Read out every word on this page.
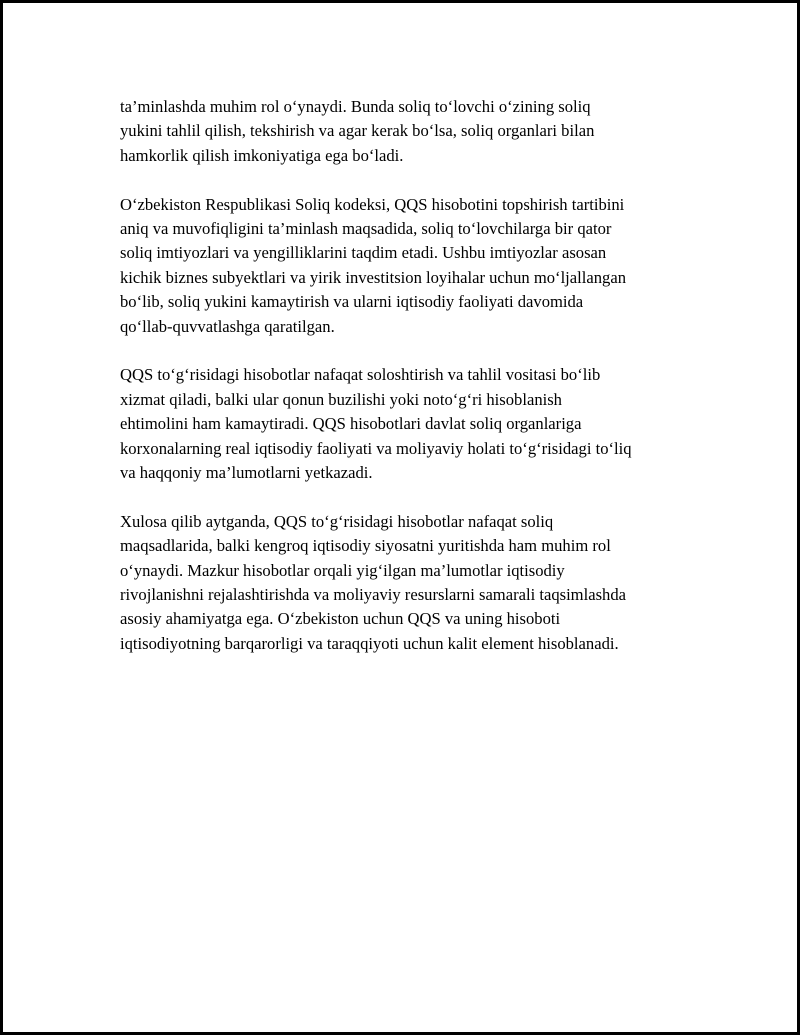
ta’minlashda muhim rol o‘ynaydi. Bunda soliq to‘lovchi o‘zining soliq
yukini tahlil qilish, tekshirish va agar kerak bo‘lsa, soliq organlari bilan
hamkorlik qilish imkoniyatiga ega bo‘ladi.

O‘zbekiston Respublikasi Soliq kodeksi, QQS hisobotini topshirish tartibini
aniq va muvofiqligini ta’minlash maqsadida, soliq to‘lovchilarga bir qator
soliq imtiyozlari va yengilliklarini taqdim etadi. Ushbu imtiyozlar asosan
kichik biznes subyektlari va yirik investitsion loyihalar uchun mo‘ljallangan
bo‘lib, soliq yukini kamaytirish va ularni iqtisodiy faoliyati davomida
qo‘llab-quvvatlashga qaratilgan.

QQS to‘g‘risidagi hisobotlar nafaqat soloshtirish va tahlil vositasi bo‘lib
xizmat qiladi, balki ular qonun buzilishi yoki noto‘g‘ri hisoblanish
ehtimolini ham kamaytiradi. QQS hisobotlari davlat soliq organlariga
korxonalarning real iqtisodiy faoliyati va moliyaviy holati to‘g‘risidagi to‘liq
va haqqoniy ma’lumotlarni yetkazadi.

Xulosa qilib aytganda, QQS to‘g‘risidagi hisobotlar nafaqat soliq
maqsadlarida, balki kengroq iqtisodiy siyosatni yuritishda ham muhim rol
o‘ynaydi. Mazkur hisobotlar orqali yig‘ilgan ma’lumotlar iqtisodiy
rivojlanishni rejalashtirishda va moliyaviy resurslarni samarali taqsimlashda
asosiy ahamiyatga ega. O‘zbekiston uchun QQS va uning hisoboti
iqtisodiyotning barqarorligi va taraqqiyoti uchun kalit element hisoblanadi.
